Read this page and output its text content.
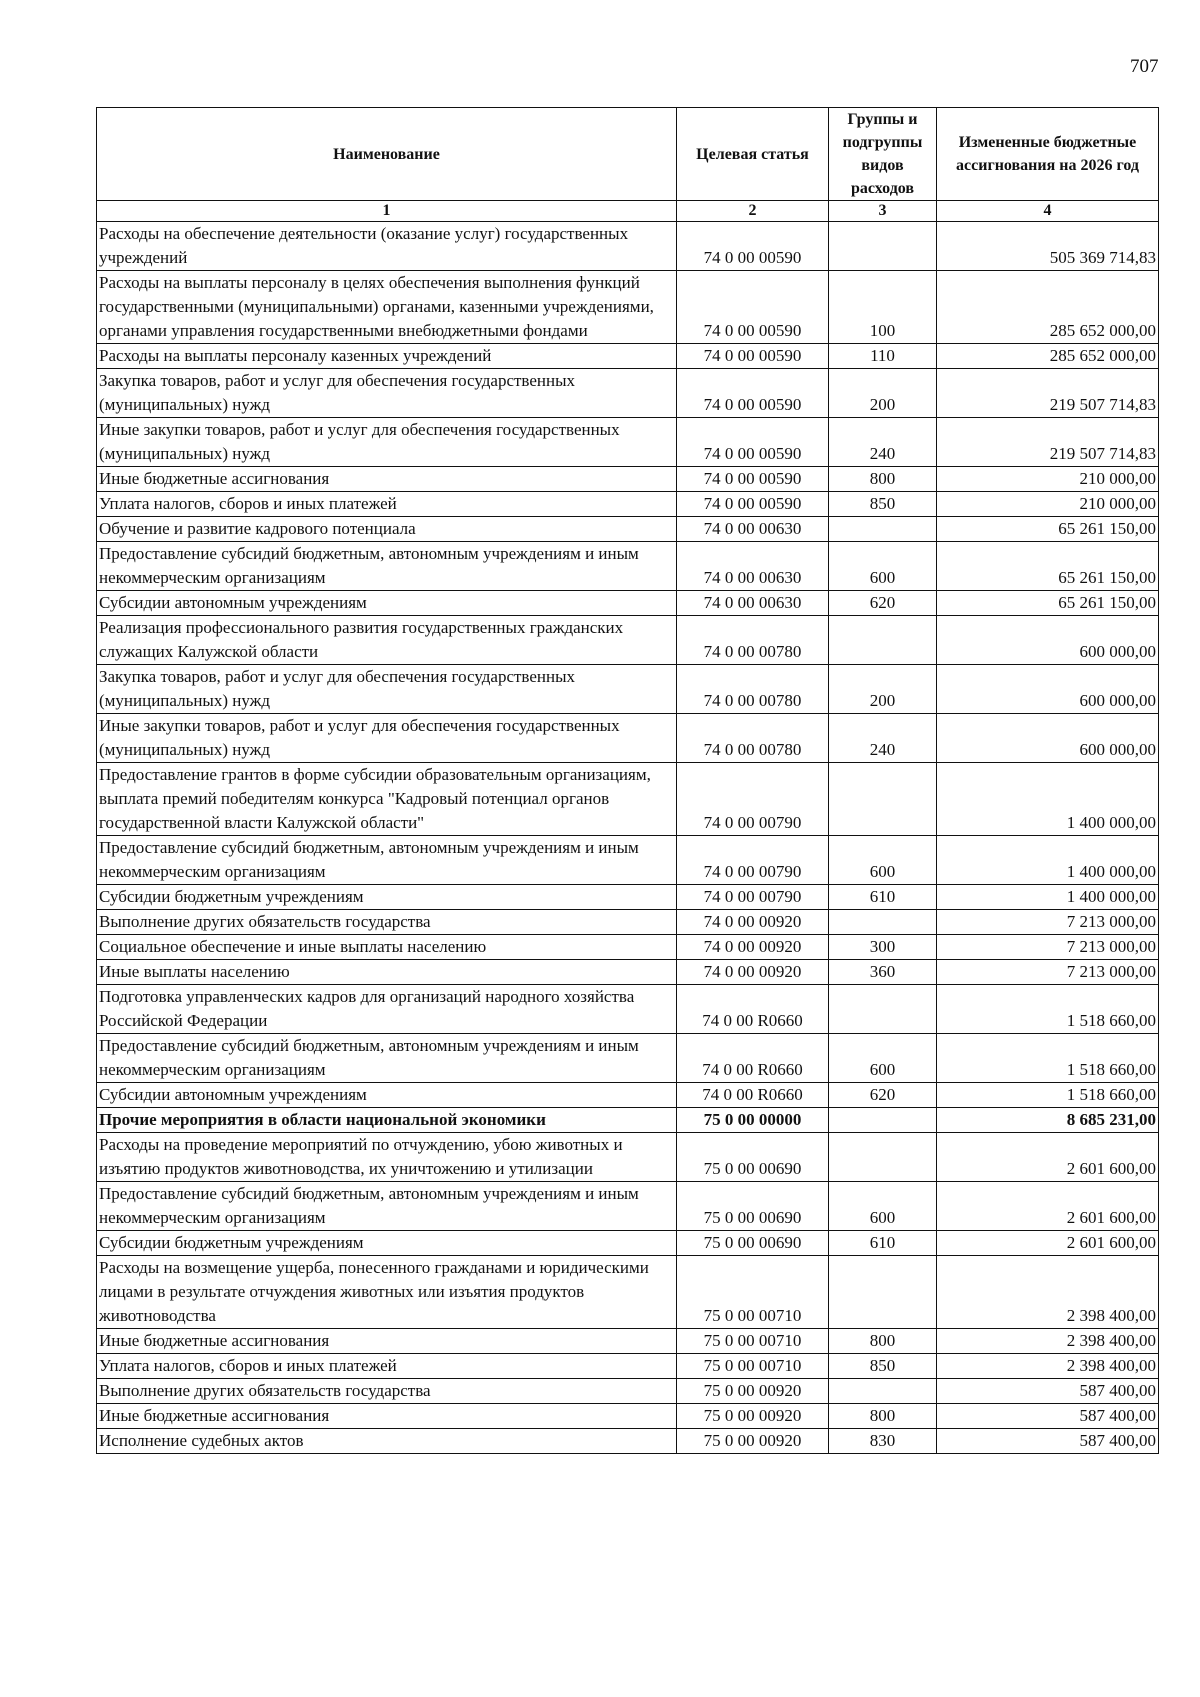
707
Наименование	Целевая статья	Группы и подгруппы видов расходов	Измененные бюджетные ассигнования на 2026 год
1	2	3	4
Расходы на обеспечение деятельности (оказание услуг) государственных учреждений	74 0 00 00590		505 369 714,83
Расходы на выплаты персоналу в целях обеспечения выполнения функций государственными (муниципальными) органами, казенными учреждениями, органами управления государственными внебюджетными фондами	74 0 00 00590	100	285 652 000,00
Расходы на выплаты персоналу казенных учреждений	74 0 00 00590	110	285 652 000,00
Закупка товаров, работ и услуг для обеспечения государственных (муниципальных) нужд	74 0 00 00590	200	219 507 714,83
Иные закупки товаров, работ и услуг для обеспечения государственных (муниципальных) нужд	74 0 00 00590	240	219 507 714,83
Иные бюджетные ассигнования	74 0 00 00590	800	210 000,00
Уплата налогов, сборов и иных платежей	74 0 00 00590	850	210 000,00
Обучение и развитие кадрового потенциала	74 0 00 00630		65 261 150,00
Предоставление субсидий бюджетным, автономным учреждениям и иным некоммерческим организациям	74 0 00 00630	600	65 261 150,00
Субсидии автономным учреждениям	74 0 00 00630	620	65 261 150,00
Реализация профессионального развития государственных гражданских служащих Калужской области	74 0 00 00780		600 000,00
Закупка товаров, работ и услуг для обеспечения государственных (муниципальных) нужд	74 0 00 00780	200	600 000,00
Иные закупки товаров, работ и услуг для обеспечения государственных (муниципальных) нужд	74 0 00 00780	240	600 000,00
Предоставление грантов в форме субсидии образовательным организациям, выплата премий победителям конкурса "Кадровый потенциал органов государственной власти Калужской области"	74 0 00 00790		1 400 000,00
Предоставление субсидий бюджетным, автономным учреждениям и иным некоммерческим организациям	74 0 00 00790	600	1 400 000,00
Субсидии бюджетным учреждениям	74 0 00 00790	610	1 400 000,00
Выполнение других обязательств государства	74 0 00 00920		7 213 000,00
Социальное обеспечение и иные выплаты населению	74 0 00 00920	300	7 213 000,00
Иные выплаты населению	74 0 00 00920	360	7 213 000,00
Подготовка управленческих кадров для организаций народного хозяйства Российской Федерации	74 0 00 R0660		1 518 660,00
Предоставление субсидий бюджетным, автономным учреждениям и иным некоммерческим организациям	74 0 00 R0660	600	1 518 660,00
Субсидии автономным учреждениям	74 0 00 R0660	620	1 518 660,00
Прочие мероприятия в области национальной экономики	75 0 00 00000		8 685 231,00
Расходы на проведение мероприятий по отчуждению, убою животных и изъятию продуктов животноводства, их уничтожению и утилизации	75 0 00 00690		2 601 600,00
Предоставление субсидий бюджетным, автономным учреждениям и иным некоммерческим организациям	75 0 00 00690	600	2 601 600,00
Субсидии бюджетным учреждениям	75 0 00 00690	610	2 601 600,00
Расходы на возмещение ущерба, понесенного гражданами и юридическими лицами в результате отчуждения животных или изъятия продуктов животноводства	75 0 00 00710		2 398 400,00
Иные бюджетные ассигнования	75 0 00 00710	800	2 398 400,00
Уплата налогов, сборов и иных платежей	75 0 00 00710	850	2 398 400,00
Выполнение других обязательств государства	75 0 00 00920		587 400,00
Иные бюджетные ассигнования	75 0 00 00920	800	587 400,00
Исполнение судебных актов	75 0 00 00920	830	587 400,00
